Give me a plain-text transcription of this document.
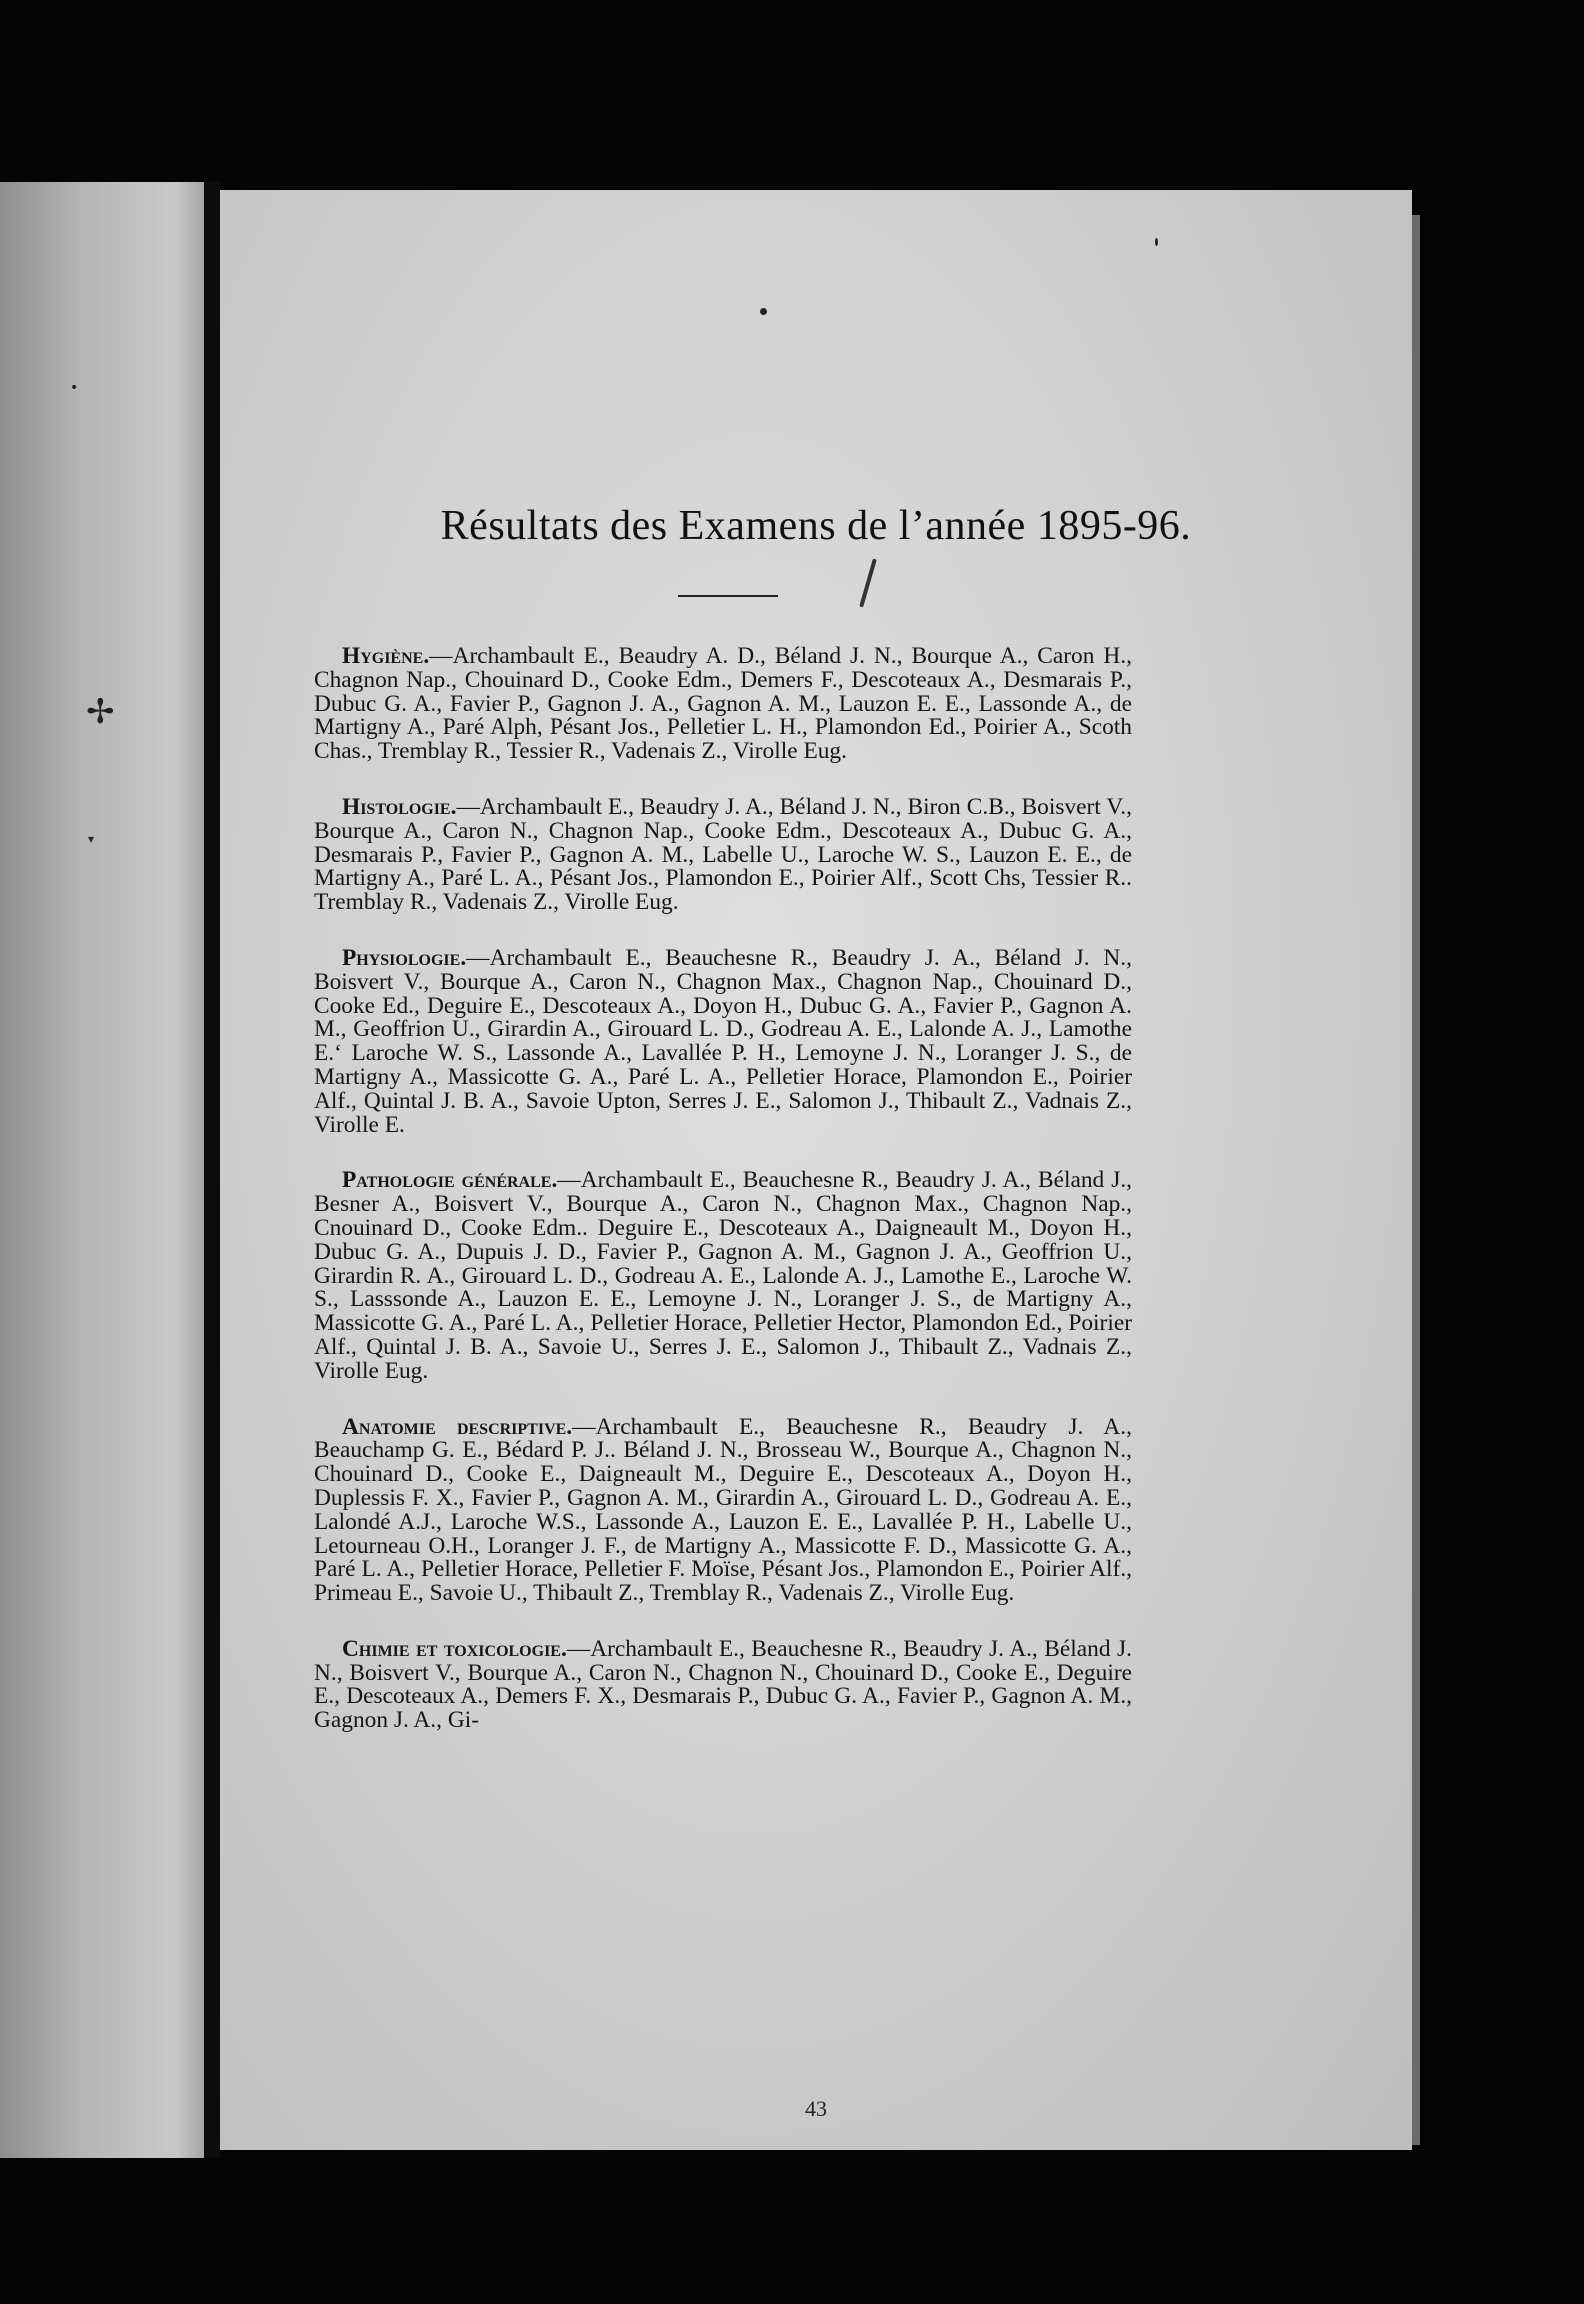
•
✢
▾
Résultats des Examens de l’année 1895-96.

Hygiène.—Archambault E., Beaudry A. D., Béland J. N., Bourque A., Caron H., Chagnon Nap., Chouinard D., Cooke Edm., Demers F., Descoteaux A., Desmarais P., Dubuc G. A., Favier P., Gagnon J. A., Gagnon A. M., Lauzon E. E., Lassonde A., de Martigny A., Paré Alph, Pésant Jos., Pelletier L. H., Plamondon Ed., Poirier A., Scoth Chas., Tremblay R., Tessier R., Vadenais Z., Virolle Eug.

Histologie.—Archambault E., Beaudry J. A., Béland J. N., Biron C.B., Boisvert V., Bourque A., Caron N., Chagnon Nap., Cooke Edm., Descoteaux A., Dubuc G. A., Desmarais P., Favier P., Gagnon A. M., Labelle U., Laroche W. S., Lauzon E. E., de Martigny A., Paré L. A., Pésant Jos., Plamondon E., Poirier Alf., Scott Chs, Tessier R.. Tremblay R., Vadenais Z., Virolle Eug.

Physiologie.—Archambault E., Beauchesne R., Beaudry J. A., Béland J. N., Boisvert V., Bourque A., Caron N., Chagnon Max., Chagnon Nap., Chouinard D., Cooke Ed., Deguire E., Descoteaux A., Doyon H., Dubuc G. A., Favier P., Gagnon A. M., Geoffrion U., Girardin A., Girouard L. D., Godreau A. E., Lalonde A. J., Lamothe E.‘ Laroche W. S., Lassonde A., Lavallée P. H., Lemoyne J. N., Loranger J. S., de Martigny A., Massicotte G. A., Paré L. A., Pelletier Horace, Plamondon E., Poirier Alf., Quintal J. B. A., Savoie Upton, Serres J. E., Salomon J., Thibault Z., Vadnais Z., Virolle E.

Pathologie générale.—Archambault E., Beauchesne R., Beaudry J. A., Béland J., Besner A., Boisvert V., Bourque A., Caron N., Chagnon Max., Chagnon Nap., Cnouinard D., Cooke Edm.. Deguire E., Descoteaux A., Daigneault M., Doyon H., Dubuc G. A., Dupuis J. D., Favier P., Gagnon A. M., Gagnon J. A., Geoffrion U., Girardin R. A., Girouard L. D., Godreau A. E., Lalonde A. J., Lamothe E., Laroche W. S., Lasssonde A., Lauzon E. E., Lemoyne J. N., Loranger J. S., de Martigny A., Massicotte G. A., Paré L. A., Pelletier Horace, Pelletier Hector, Plamondon Ed., Poirier Alf., Quintal J. B. A., Savoie U., Serres J. E., Salomon J., Thibault Z., Vadnais Z., Virolle Eug.

Anatomie descriptive.—Archambault E., Beauchesne R., Beaudry J. A., Beauchamp G. E., Bédard P. J.. Béland J. N., Brosseau W., Bourque A., Chagnon N., Chouinard D., Cooke E., Daigneault M., Deguire E., Descoteaux A., Doyon H., Duplessis F. X., Favier P., Gagnon A. M., Girardin A., Girouard L. D., Godreau A. E., Lalondé A.J., Laroche W.S., Lassonde A., Lauzon E. E., Lavallée P. H., Labelle U., Letourneau O.H., Loranger J. F., de Martigny A., Massicotte F. D., Massicotte G. A., Paré L. A., Pelletier Horace, Pelletier F. Moïse, Pésant Jos., Plamondon E., Poirier Alf., Primeau E., Savoie U., Thibault Z., Tremblay R., Vadenais Z., Virolle Eug.

Chimie et toxicologie.—Archambault E., Beauchesne R., Beaudry J. A., Béland J. N., Boisvert V., Bourque A., Caron N., Chagnon N., Chouinard D., Cooke E., Deguire E., Descoteaux A., Demers F. X., Desmarais P., Dubuc G. A., Favier P., Gagnon A. M., Gagnon J. A., Gi-

43
